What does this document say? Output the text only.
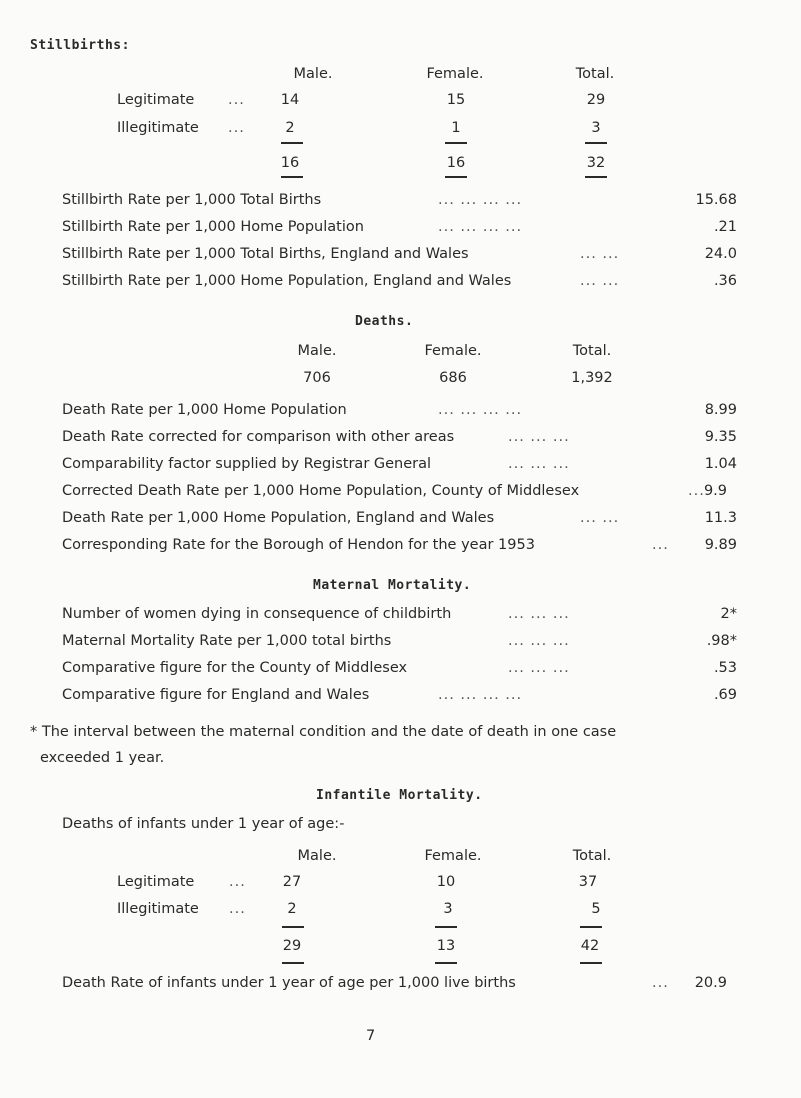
Stillbirths:
Male.	Female.	Total.
Legitimate ...	14	15	29
Illegitimate ...	2	1	3
16	16	32
Stillbirth Rate per 1,000 Total Births	... ... ... ...	15.68
Stillbirth Rate per 1,000 Home Population	... ... ... ...	.21
Stillbirth Rate per 1,000 Total Births, England and Wales	... ...	24.0
Stillbirth Rate per 1,000 Home Population, England and Wales	... ...	.36
Deaths.
Male.	Female.	Total.
706	686	1,392
Death Rate per 1,000 Home Population	... ... ... ...	8.99
Death Rate corrected for comparison with other areas	... ... ...	9.35
Comparability factor supplied by Registrar General	... ... ...	1.04
Corrected Death Rate per 1,000 Home Population, County of Middlesex	... 9.9
Death Rate per 1,000 Home Population, England and Wales	... ...	11.3
Corresponding Rate for the Borough of Hendon for the year 1953	...	9.89
Maternal Mortality.
Number of women dying in consequence of childbirth	... ... ...	2*
Maternal Mortality Rate per 1,000 total births	... ... ...	.98*
Comparative figure for the County of Middlesex	... ... ...	.53
Comparative figure for England and Wales	... ... ... ...	.69
* The interval between the maternal condition and the date of death in one case
exceeded 1 year.
Infantile Mortality.
Deaths of infants under 1 year of age:-
Male.	Female.	Total.
Legitimate ...	27	10	37
Illegitimate ...	2	3	5
29	13	42
Death Rate of infants under 1 year of age per 1,000 live births	...	20.9
7
